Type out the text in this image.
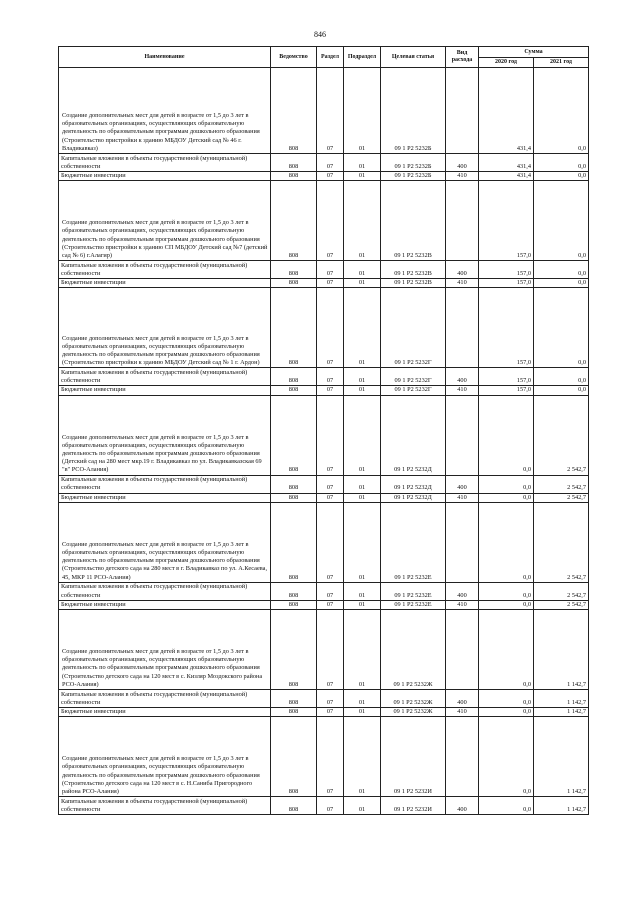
846
Наименование	Ведомство	Раздел	Подраздел	Целевая статья	Вид расхода	Сумма	
						2020 год	2021 год
Создание дополнительных мест для детей в возрасте от 1,5 до 3 лет в образовательных организациях, осуществляющих образовательную деятельность по образовательным программам дошкольного образования (Строительство пристройки к зданию МБДОУ Детский сад № 46 г. Владикавказ)	808	07	01	09 1 Р2 5232Б		431,4	0,0
Капитальные вложения в объекты государственной (муниципальной) собственности	808	07	01	09 1 Р2 5232Б	400	431,4	0,0
Бюджетные инвестиции	808	07	01	09 1 Р2 5232Б	410	431,4	0,0
Создание дополнительных мест для детей в возрасте от 1,5 до 3 лет в образовательных организациях, осуществляющих образовательную деятельность по образовательным программам дошкольного образования (Строительство пристройки к зданию СП МБДОУ Детский сад №7 (детский сад № 6) г.Алагир)	808	07	01	09 1 Р2 5232В		157,0	0,0
Капитальные вложения в объекты государственной (муниципальной) собственности	808	07	01	09 1 Р2 5232В	400	157,0	0,0
Бюджетные инвестиции	808	07	01	09 1 Р2 5232В	410	157,0	0,0
Создание дополнительных мест для детей в возрасте от 1,5 до 3 лет в образовательных организациях, осуществляющих образовательную деятельность по образовательным программам дошкольного образования (Строительство пристройки к зданию МБДОУ Детский сад № 1 г. Ардон)	808	07	01	09 1 Р2 5232Г		157,0	0,0
Капитальные вложения в объекты государственной (муниципальной) собственности	808	07	01	09 1 Р2 5232Г	400	157,0	0,0
Бюджетные инвестиции	808	07	01	09 1 Р2 5232Г	410	157,0	0,0
Создание дополнительных мест для детей в возрасте от 1,5 до 3 лет в образовательных организациях, осуществляющих образовательную деятельность по образовательным программам дошкольного образования (Детский сад на 280 мест мкр.19 г. Владикавказ по ул. Владикавказская 69 "в" РСО-Алания)	808	07	01	09 1 Р2 5232Д		0,0	2 542,7
Капитальные вложения в объекты государственной (муниципальной) собственности	808	07	01	09 1 Р2 5232Д	400	0,0	2 542,7
Бюджетные инвестиции	808	07	01	09 1 Р2 5232Д	410	0,0	2 542,7
Создание дополнительных мест для детей в возрасте от 1,5 до 3 лет в образовательных организациях, осуществляющих образовательную деятельность по образовательным программам дошкольного образования (Строительство детского сада на 280 мест в г. Владикавказ по ул. А.Кесаева, 45, МКР 11 РСО-Алания)	808	07	01	09 1 Р2 5232Е		0,0	2 542,7
Капитальные вложения в объекты государственной (муниципальной) собственности	808	07	01	09 1 Р2 5232Е	400	0,0	2 542,7
Бюджетные инвестиции	808	07	01	09 1 Р2 5232Е	410	0,0	2 542,7
Создание дополнительных мест для детей в возрасте от 1,5 до 3 лет в образовательных организациях, осуществляющих образовательную деятельность по образовательным программам дошкольного образования (Строительство детского сада на 120 мест в с. Кизляр Моздокского района РСО-Алания)	808	07	01	09 1 Р2 5232Ж		0,0	1 142,7
Капитальные вложения в объекты государственной (муниципальной) собственности	808	07	01	09 1 Р2 5232Ж	400	0,0	1 142,7
Бюджетные инвестиции	808	07	01	09 1 Р2 5232Ж	410	0,0	1 142,7
Создание дополнительных мест для детей в возрасте от 1,5 до 3 лет в образовательных организациях, осуществляющих образовательную деятельность по образовательным программам дошкольного образования (Строительство детского сада на 120 мест в с. Н.Саниба Пригородного района РСО-Алания)	808	07	01	09 1 Р2 5232И		0,0	1 142,7
Капитальные вложения в объекты государственной (муниципальной) собственности	808	07	01	09 1 Р2 5232И	400	0,0	1 142,7
